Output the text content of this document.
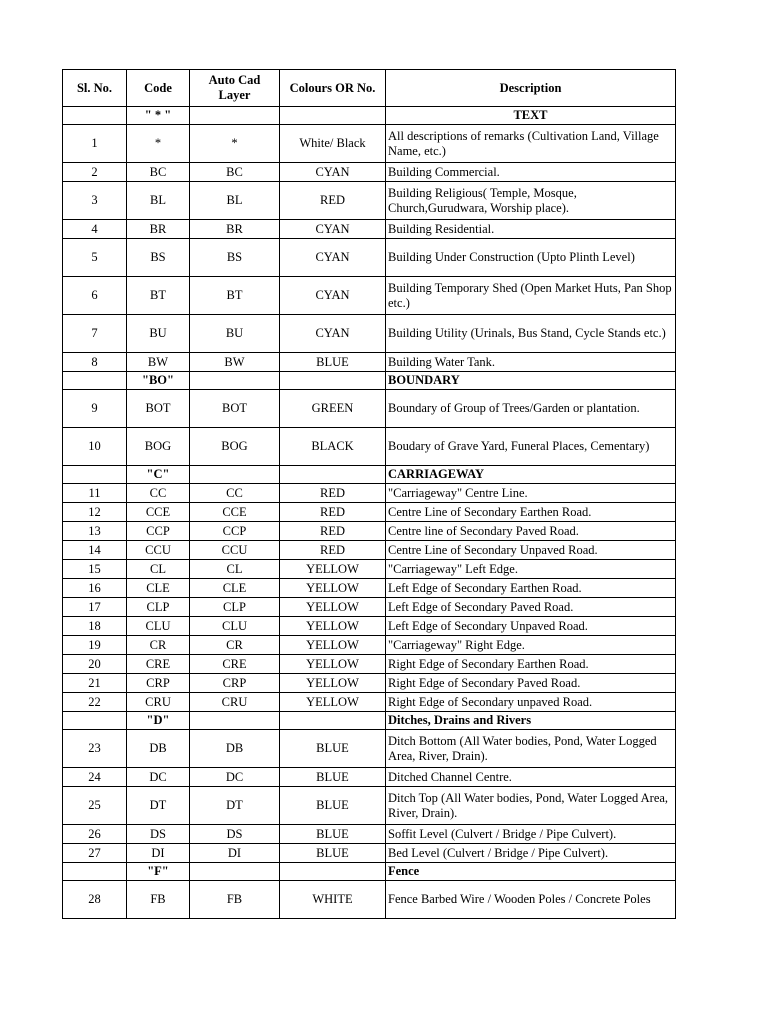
Sl. No.	Code	Auto Cad Layer	Colours OR No.	Description
	" * "			TEXT
1	*	*	White/ Black	All descriptions of remarks (Cultivation Land, Village Name, etc.)
2	BC	BC	CYAN	Building Commercial.
3	BL	BL	RED	Building Religious( Temple, Mosque, Church,Gurudwara, Worship place).
4	BR	BR	CYAN	Building Residential.
5	BS	BS	CYAN	Building Under Construction (Upto Plinth Level)
6	BT	BT	CYAN	Building Temporary Shed (Open Market Huts, Pan Shop etc.)
7	BU	BU	CYAN	Building Utility (Urinals, Bus Stand, Cycle Stands etc.)
8	BW	BW	BLUE	Building Water Tank.
	"BO"			BOUNDARY
9	BOT	BOT	GREEN	Boundary of Group of Trees/Garden or plantation.
10	BOG	BOG	BLACK	Boudary of Grave Yard, Funeral Places, Cementary)
	"C"			CARRIAGEWAY
11	CC	CC	RED	"Carriageway" Centre Line.
12	CCE	CCE	RED	Centre Line of Secondary Earthen Road.
13	CCP	CCP	RED	Centre line of Secondary Paved Road.
14	CCU	CCU	RED	Centre Line of Secondary Unpaved Road.
15	CL	CL	YELLOW	"Carriageway" Left Edge.
16	CLE	CLE	YELLOW	Left Edge of Secondary Earthen Road.
17	CLP	CLP	YELLOW	Left Edge of Secondary Paved Road.
18	CLU	CLU	YELLOW	Left Edge of Secondary Unpaved Road.
19	CR	CR	YELLOW	"Carriageway" Right Edge.
20	CRE	CRE	YELLOW	Right Edge of Secondary Earthen Road.
21	CRP	CRP	YELLOW	Right Edge of Secondary Paved Road.
22	CRU	CRU	YELLOW	Right Edge of Secondary unpaved Road.
	"D"			Ditches, Drains and Rivers
23	DB	DB	BLUE	Ditch Bottom (All Water bodies, Pond, Water Logged Area, River, Drain).
24	DC	DC	BLUE	Ditched Channel Centre.
25	DT	DT	BLUE	Ditch Top (All Water bodies, Pond, Water Logged Area, River, Drain).
26	DS	DS	BLUE	Soffit Level (Culvert / Bridge / Pipe Culvert).
27	DI	DI	BLUE	Bed Level (Culvert / Bridge / Pipe Culvert).
	"F"			Fence
28	FB	FB	WHITE	Fence Barbed Wire / Wooden Poles / Concrete Poles
